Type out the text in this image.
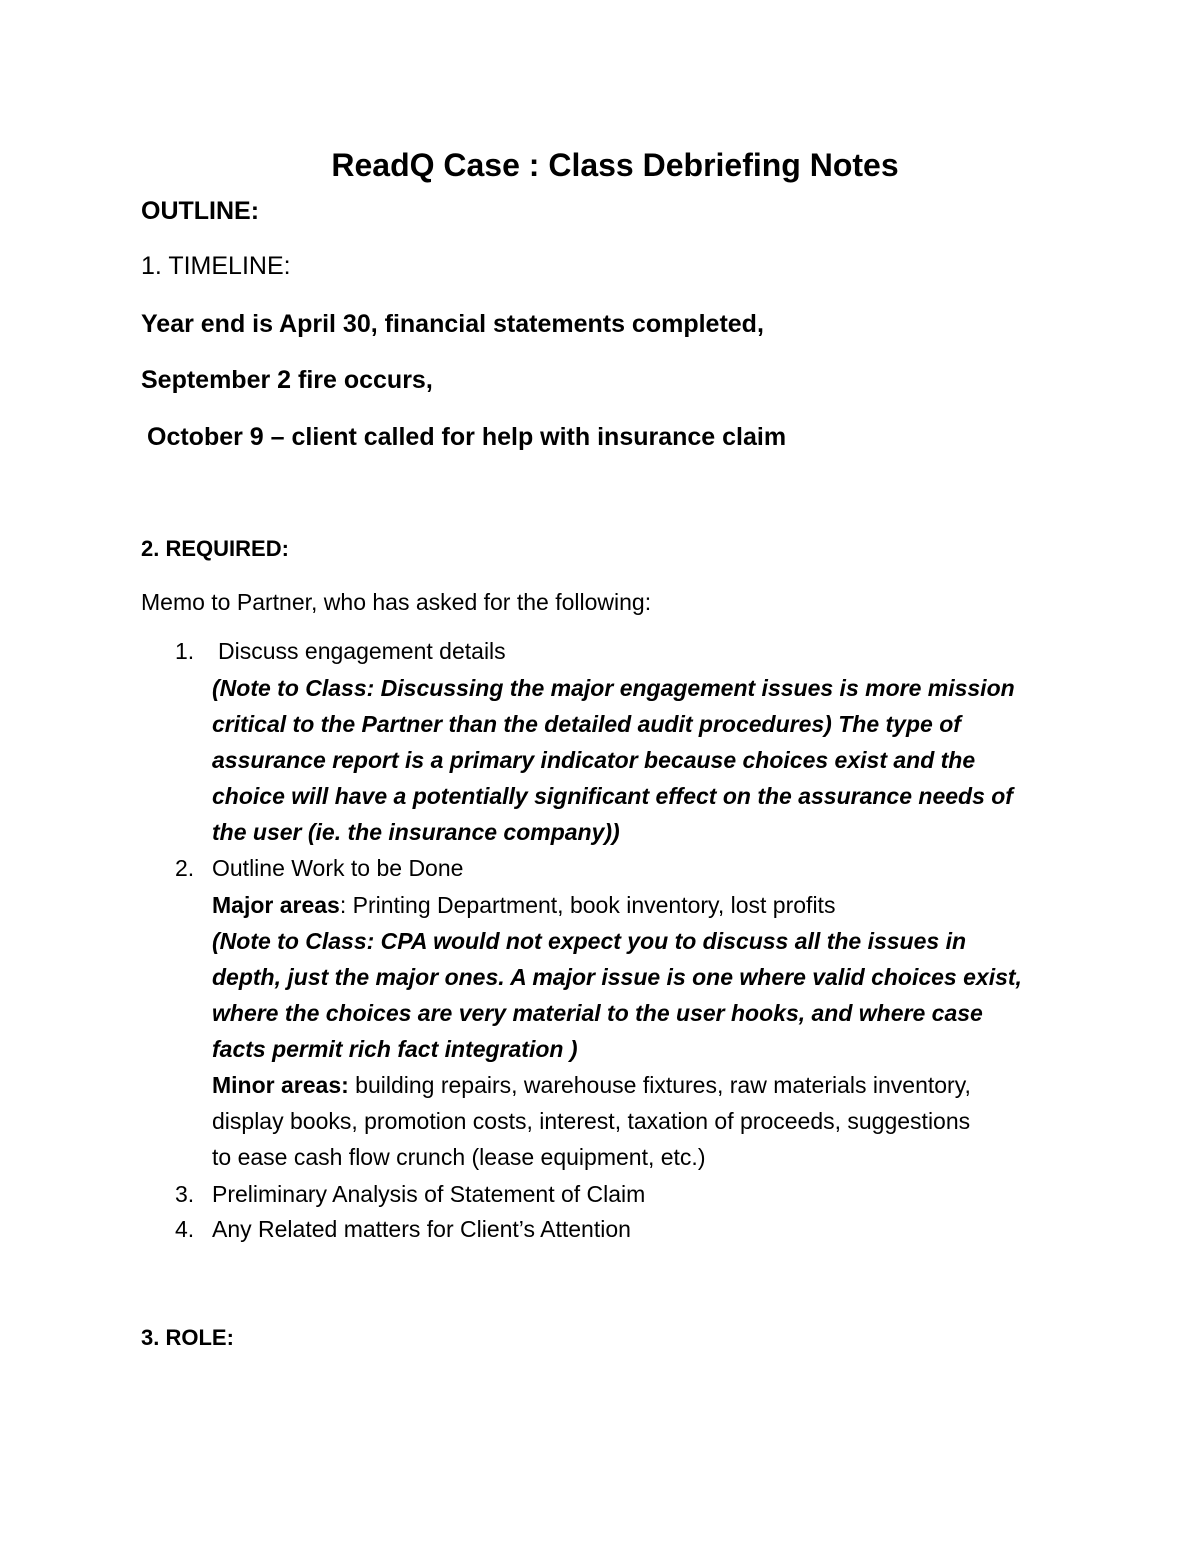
ReadQ Case : Class Debriefing Notes
OUTLINE:
1. TIMELINE:
Year end is April 30, financial statements completed,
September 2 fire occurs,
October 9 – client called for help with insurance claim
2. REQUIRED:
Memo to Partner, who has asked for the following:
1. Discuss engagement details
(Note to Class: Discussing the major engagement issues is more mission
critical to the Partner than the detailed audit procedures) The type of
assurance report is a primary indicator because choices exist and the
choice will have a potentially significant effect on the assurance needs of
the user (ie. the insurance company))
2. Outline Work to be Done
Major areas: Printing Department, book inventory, lost profits
(Note to Class: CPA would not expect you to discuss all the issues in
depth, just the major ones. A major issue is one where valid choices exist,
where the choices are very material to the user hooks, and where case
facts permit rich fact integration )
Minor areas: building repairs, warehouse fixtures, raw materials inventory,
display books, promotion costs, interest, taxation of proceeds, suggestions
to ease cash flow crunch (lease equipment, etc.)
3. Preliminary Analysis of Statement of Claim
4. Any Related matters for Client’s Attention
3. ROLE:
